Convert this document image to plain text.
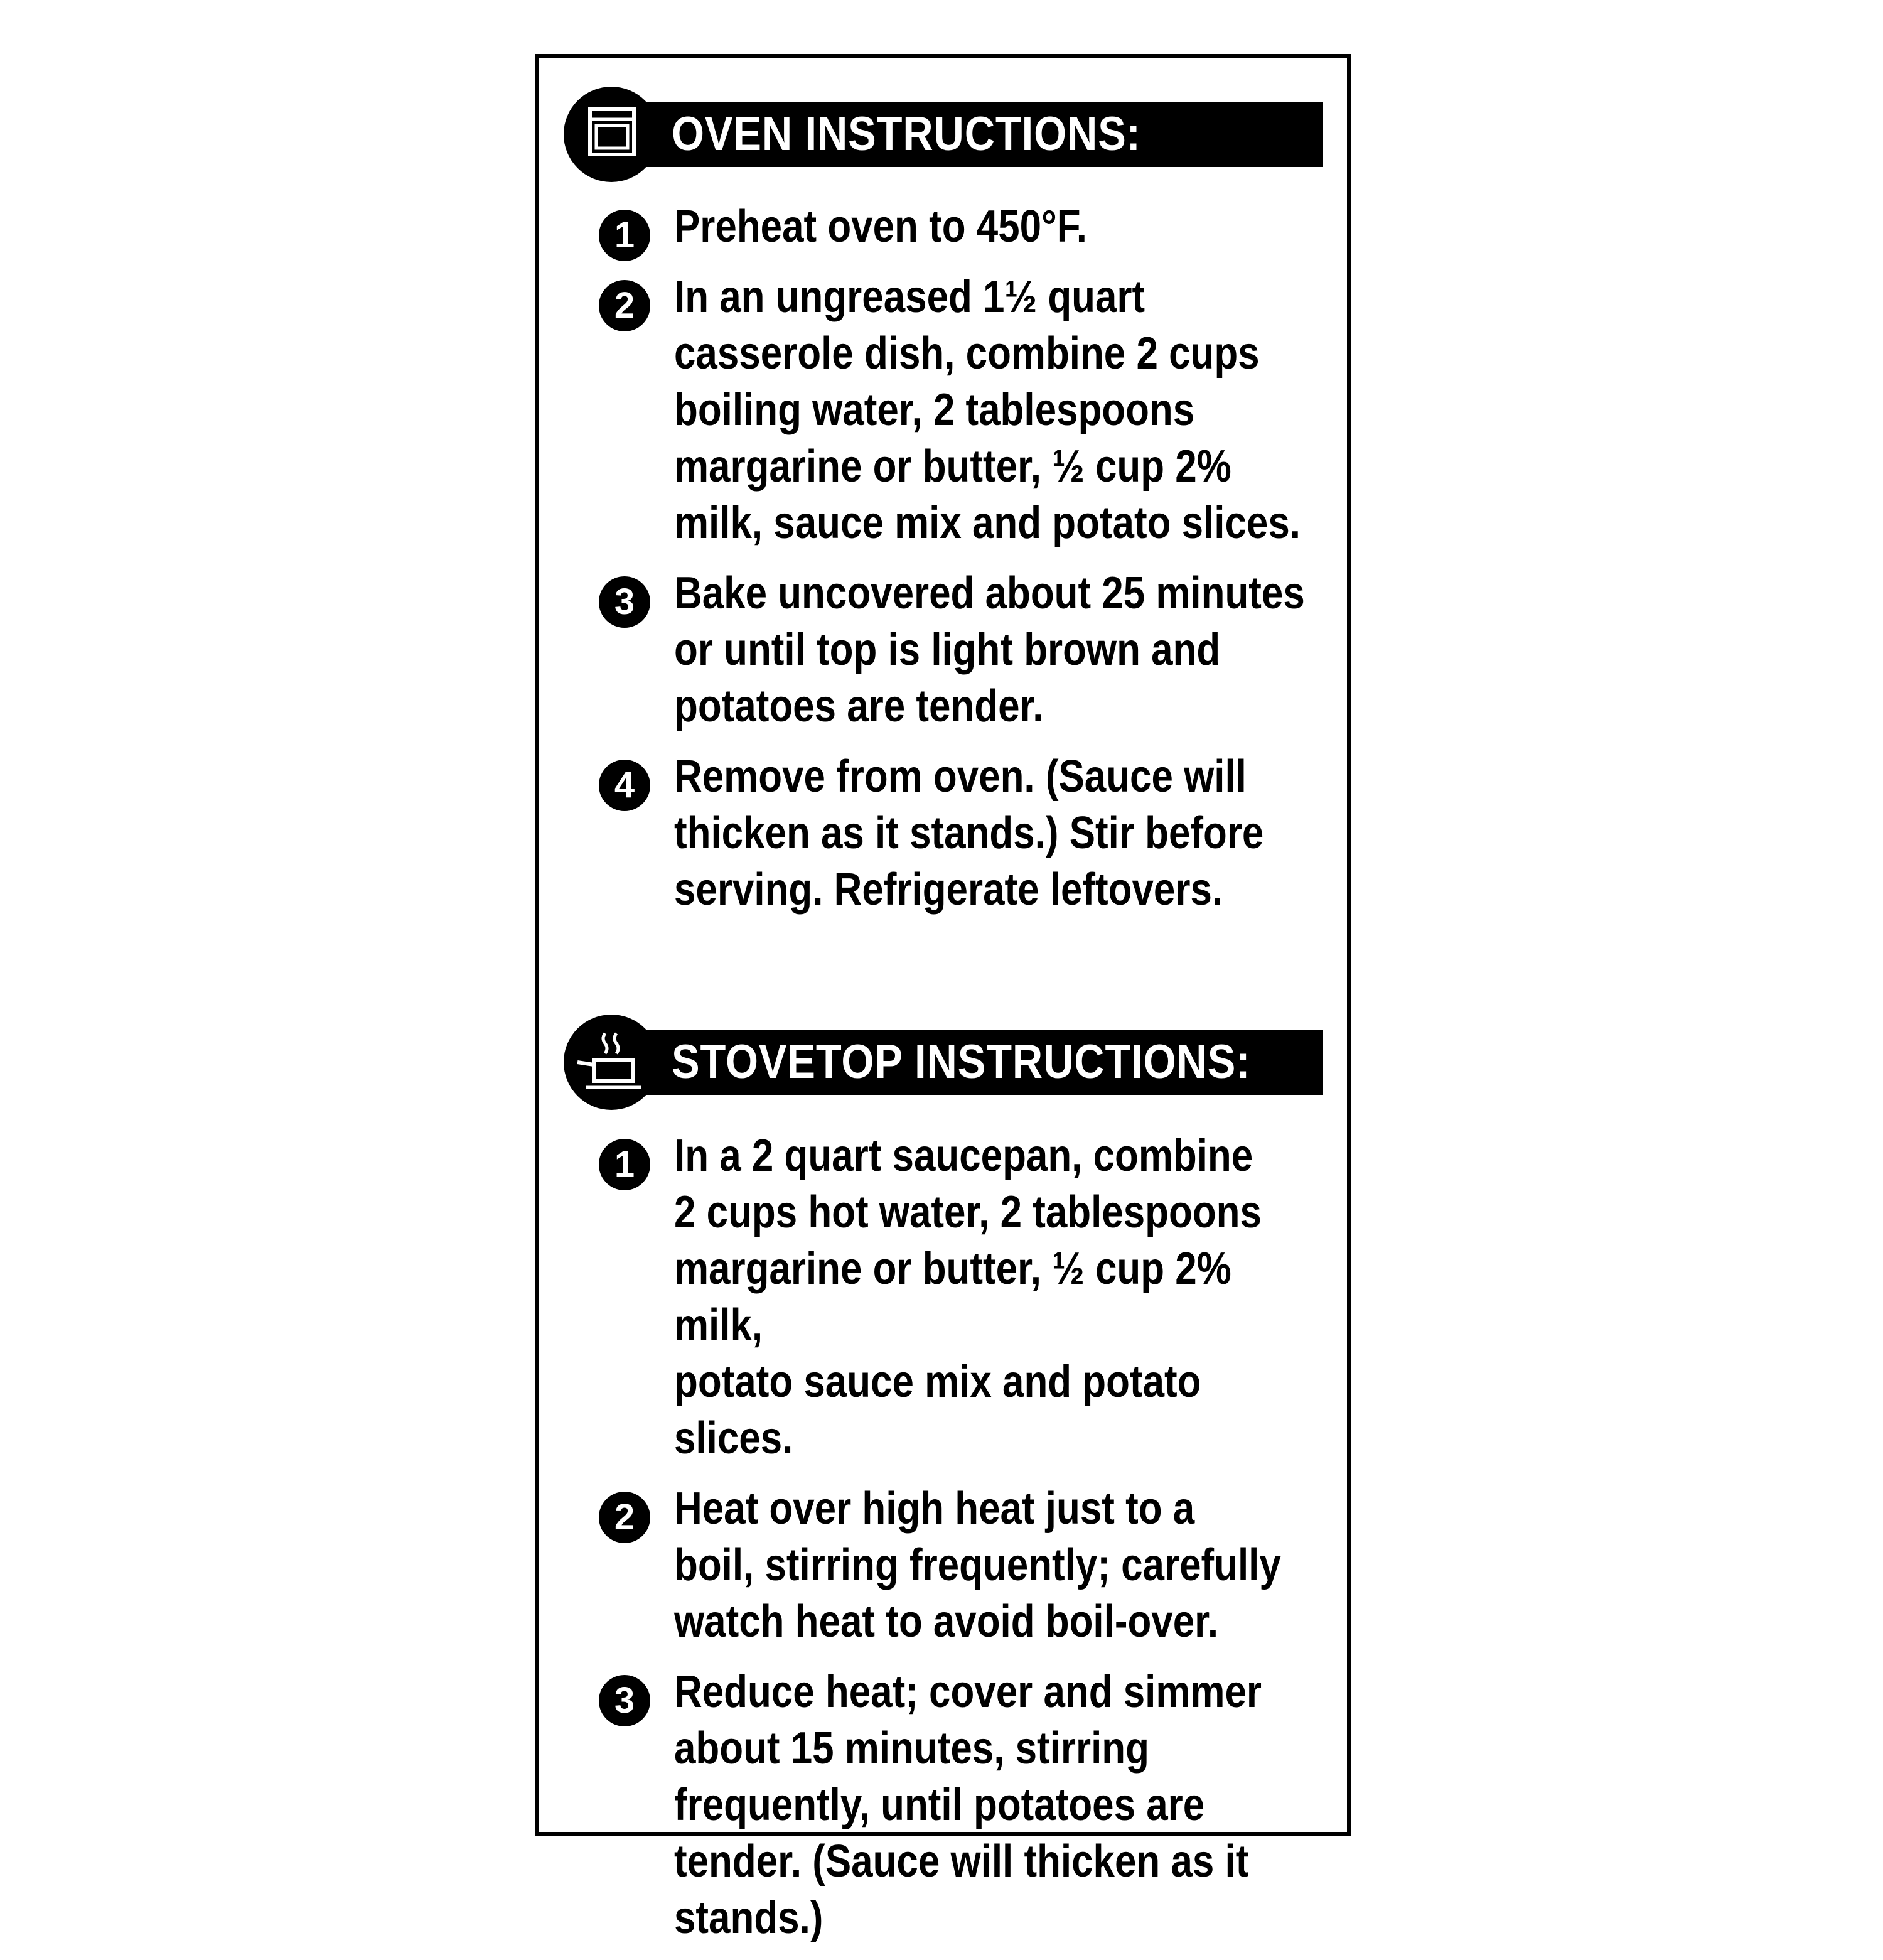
OVEN INSTRUCTIONS:
1 Preheat oven to 450°F.
2 In an ungreased 1½ quart
casserole dish, combine 2 cups
boiling water, 2 tablespoons
margarine or butter, ½ cup 2%
milk, sauce mix and potato slices.
3 Bake uncovered about 25 minutes
or until top is light brown and
potatoes are tender.
4 Remove from oven. (Sauce will
thicken as it stands.) Stir before
serving. Refrigerate leftovers.
STOVETOP INSTRUCTIONS:
1 In a 2 quart saucepan, combine
2 cups hot water, 2 tablespoons
margarine or butter, ½ cup 2% milk,
potato sauce mix and potato slices.
2 Heat over high heat just to a
boil, stirring frequently; carefully
watch heat to avoid boil-over.
3 Reduce heat; cover and simmer
about 15 minutes, stirring
frequently, until potatoes are
tender. (Sauce will thicken as it
stands.)
